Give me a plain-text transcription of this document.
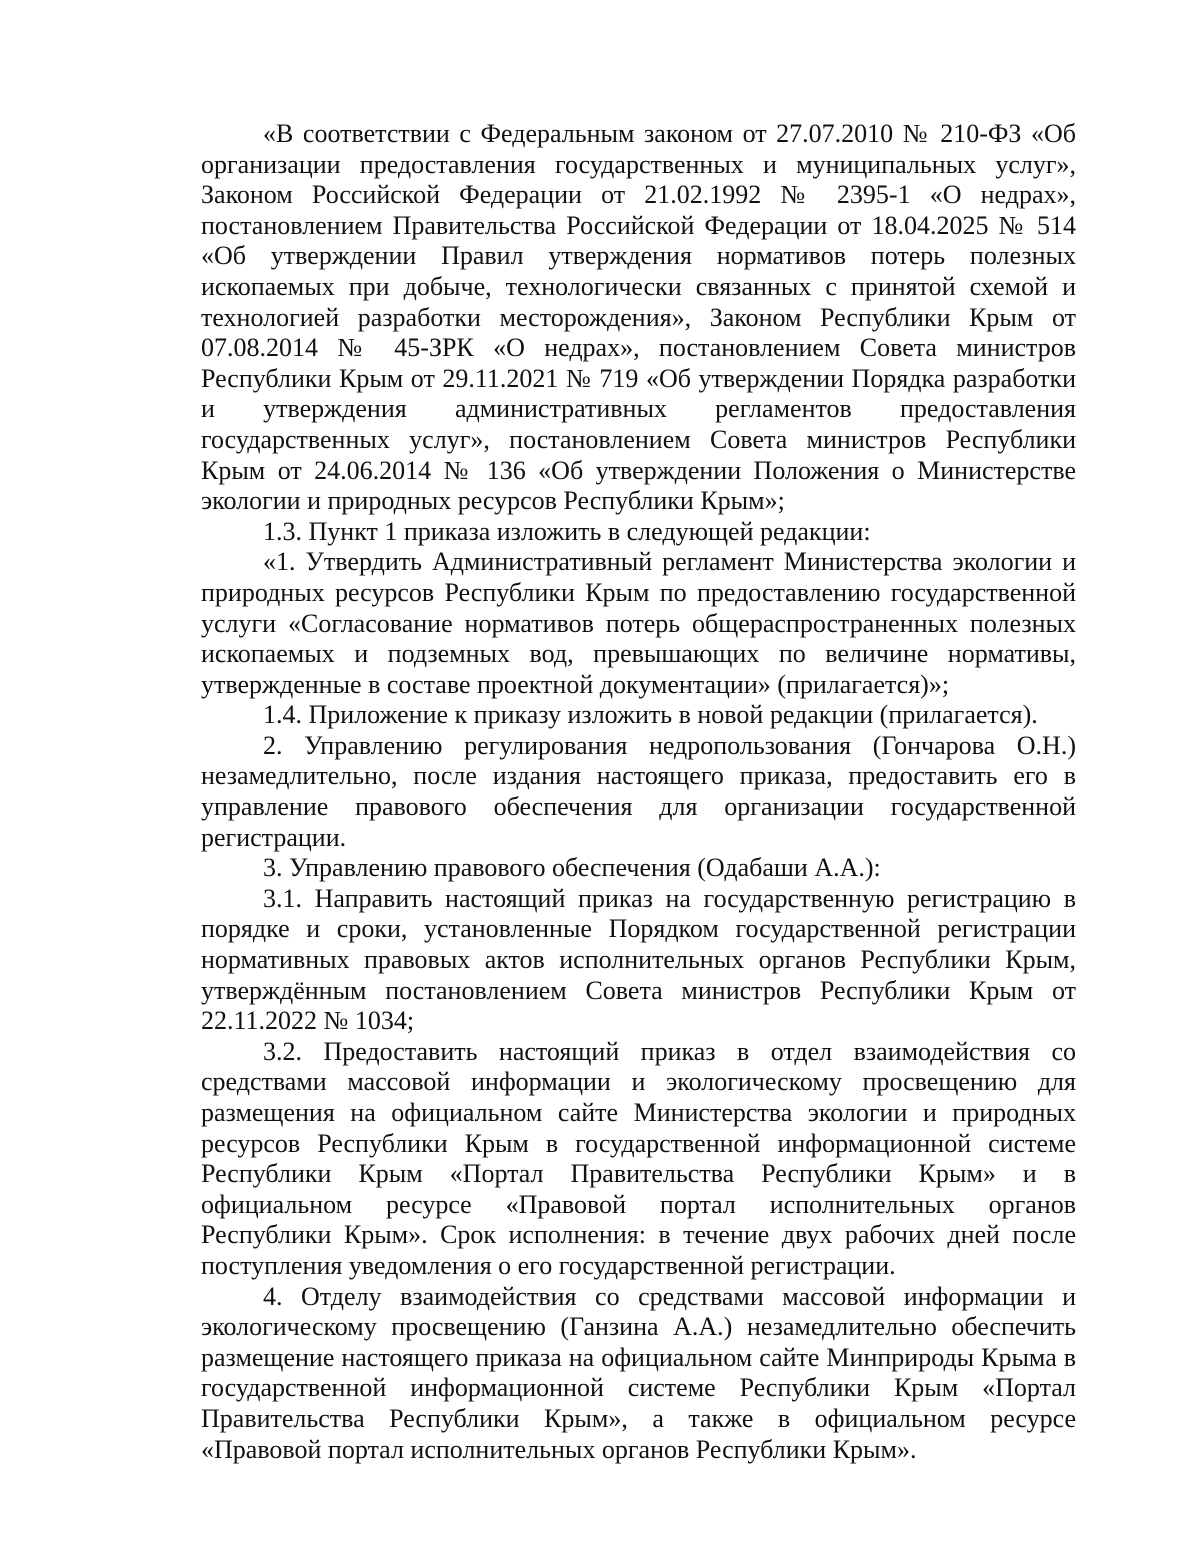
«В соответствии с Федеральным законом от 27.07.2010 № 210-ФЗ «Об организации предоставления государственных и муниципальных услуг», Законом Российской Федерации от 21.02.1992 № 2395-1 «О недрах», постановлением Правительства Российской Федерации от 18.04.2025 № 514 «Об утверждении Правил утверждения нормативов потерь полезных ископаемых при добыче, технологически связанных с принятой схемой и технологией разработки месторождения», Законом Республики Крым от 07.08.2014 № 45-ЗРК «О недрах», постановлением Совета министров Республики Крым от 29.11.2021 № 719 «Об утверждении Порядка разработки и утверждения административных регламентов предоставления государственных услуг», постановлением Совета министров Республики Крым от 24.06.2014 № 136 «Об утверждении Положения о Министерстве экологии и природных ресурсов Республики Крым»;

1.3. Пункт 1 приказа изложить в следующей редакции:

«1. Утвердить Административный регламент Министерства экологии и природных ресурсов Республики Крым по предоставлению государственной услуги «Согласование нормативов потерь общераспространенных полезных ископаемых и подземных вод, превышающих по величине нормативы, утвержденные в составе проектной документации» (прилагается)»;

1.4. Приложение к приказу изложить в новой редакции (прилагается).

2. Управлению регулирования недропользования (Гончарова О.Н.) незамедлительно, после издания настоящего приказа, предоставить его в управление правового обеспечения для организации государственной регистрации.

3. Управлению правового обеспечения (Одабаши А.А.):

3.1. Направить настоящий приказ на государственную регистрацию в порядке и сроки, установленные Порядком государственной регистрации нормативных правовых актов исполнительных органов Республики Крым, утверждённым постановлением Совета министров Республики Крым от 22.11.2022 № 1034;

3.2. Предоставить настоящий приказ в отдел взаимодействия со средствами массовой информации и экологическому просвещению для размещения на официальном сайте Министерства экологии и природных ресурсов Республики Крым в государственной информационной системе Республики Крым «Портал Правительства Республики Крым» и в официальном ресурсе «Правовой портал исполнительных органов Республики Крым». Срок исполнения: в течение двух рабочих дней после поступления уведомления о его государственной регистрации.

4. Отделу взаимодействия со средствами массовой информации и экологическому просвещению (Ганзина А.А.) незамедлительно обеспечить размещение настоящего приказа на официальном сайте Минприроды Крыма в государственной информационной системе Республики Крым «Портал Правительства Республики Крым», а также в официальном ресурсе «Правовой портал исполнительных органов Республики Крым».
